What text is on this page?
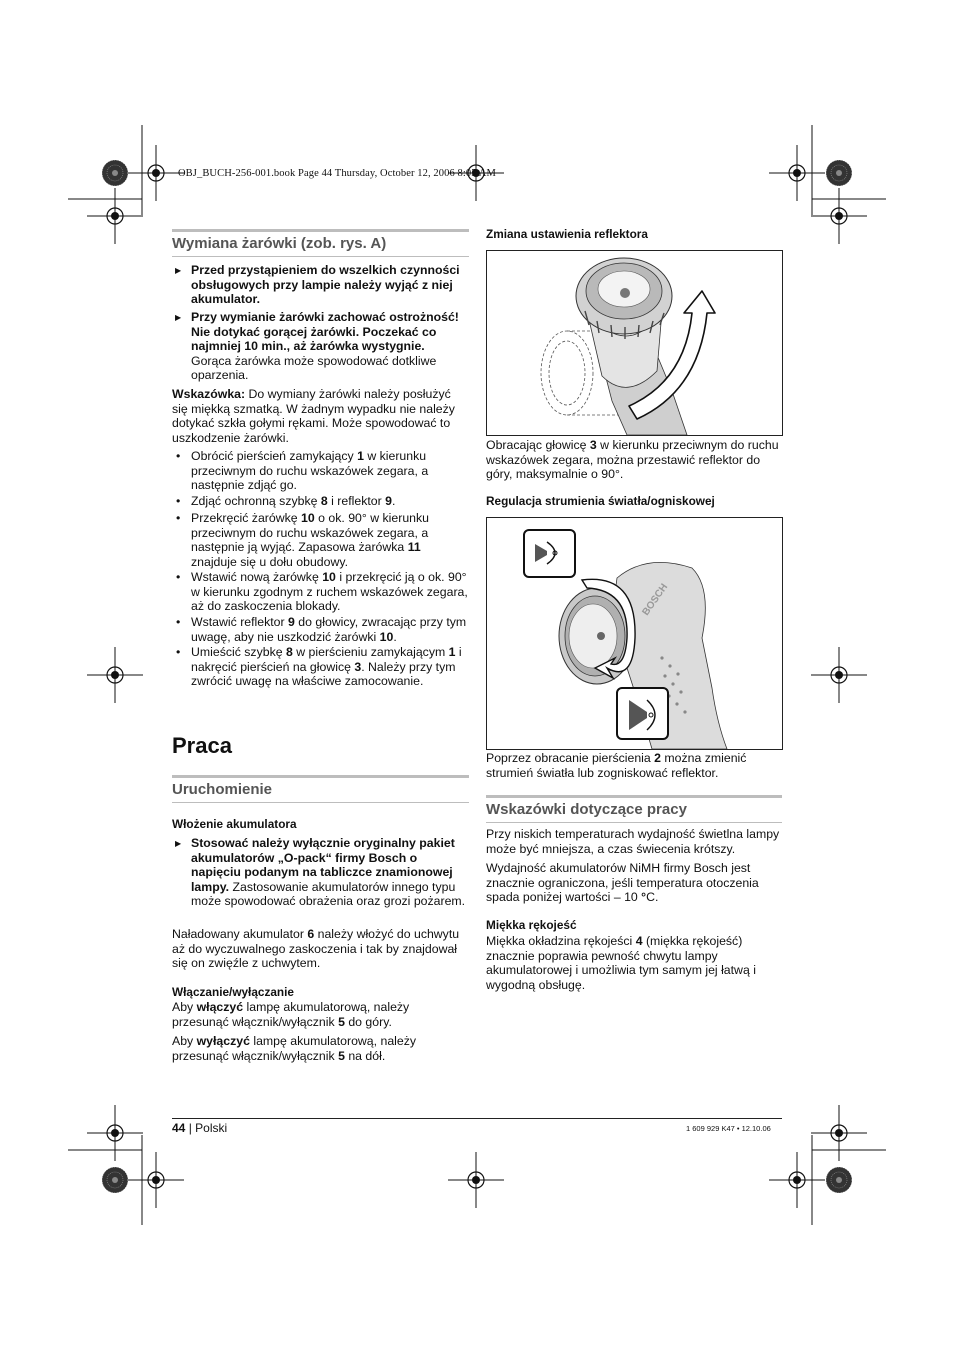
OBJ_BUCH-256-001.book Page 44 Thursday, October 12, 2006 8:05 AM
Wymiana żarówki (zob. rys. A)
▶ Przed przystąpieniem do wszelkich czynności obsługowych przy lampie należy wyjąć z niej akumulator.
▶ Przy wymianie żarówki zachować ostrożność! Nie dotykać gorącej żarówki. Poczekać co najmniej 10 min., aż żarówka wystygnie.
Gorąca żarówka może spowodować dotkliwe oparzenia.
Wskazówka: Do wymiany żarówki należy posłużyć się miękką szmatką. W żadnym wypadku nie należy dotykać szkła gołymi rękami. Może spowodować to uszkodzenie żarówki.
• Obrócić pierścień zamykający 1 w kierunku przeciwnym do ruchu wskazówek zegara, a następnie zdjąć go.
• Zdjąć ochronną szybkę 8 i reflektor 9.
• Przekręcić żarówkę 10 o ok. 90° w kierunku przeciwnym do ruchu wskazówek zegara, a następnie ją wyjąć. Zapasowa żarówka 11 znajduje się u dołu obudowy.
• Wstawić nową żarówkę 10 i przekręcić ją o ok. 90° w kierunku zgodnym z ruchem wskazówek zegara, aż do zaskoczenia blokady.
• Wstawić reflektor 9 do głowicy, zwracając przy tym uwagę, aby nie uszkodzić żarówki 10.
• Umieścić szybkę 8 w pierścieniu zamykającym 1 i nakręcić pierścień na głowicę 3. Należy przy tym zwrócić uwagę na właściwe zamocowanie.
Praca
Uruchomienie
Włożenie akumulatora
▶ Stosować należy wyłącznie oryginalny pakiet akumulatorów „O-pack“ firmy Bosch o napięciu podanym na tabliczce znamionowej lampy. Zastosowanie akumulatorów innego typu może spowodować obrażenia oraz grozi pożarem.
Naładowany akumulator 6 należy włożyć do uchwytu aż do wyczuwalnego zaskoczenia i tak by znajdował się on zwięźle z uchwytem.
Włączanie/wyłączanie
Aby włączyć lampę akumulatorową, należy przesunąć włącznik/wyłącznik 5 do góry.
Aby wyłączyć lampę akumulatorową, należy przesunąć włącznik/wyłącznik 5 na dół.
Zmiana ustawienia reflektora
Obracając głowicę 3 w kierunku przeciwnym do ruchu wskazówek zegara, można przestawić reflektor do góry, maksymalnie o 90°.
Regulacja strumienia światła/ogniskowej
BOSCH
Poprzez obracanie pierścienia 2 można zmienić strumień światła lub zogniskować reflektor.
Wskazówki dotyczące pracy
Przy niskich temperaturach wydajność świetlna lampy może być mniejsza, a czas świecenia krótszy.
Wydajność akumulatorów NiMH firmy Bosch jest znacznie ograniczona, jeśli temperatura otoczenia spada poniżej wartości – 10 °C.
Miękka rękojeść
Miękka okładzina rękojeści 4 (miękka rękojeść) znacznie poprawia pewność chwytu lampy akumulatorowej i umożliwia tym samym jej łatwą i wygodną obsługę.
44 | Polski	1 609 929 K47 • 12.10.06
